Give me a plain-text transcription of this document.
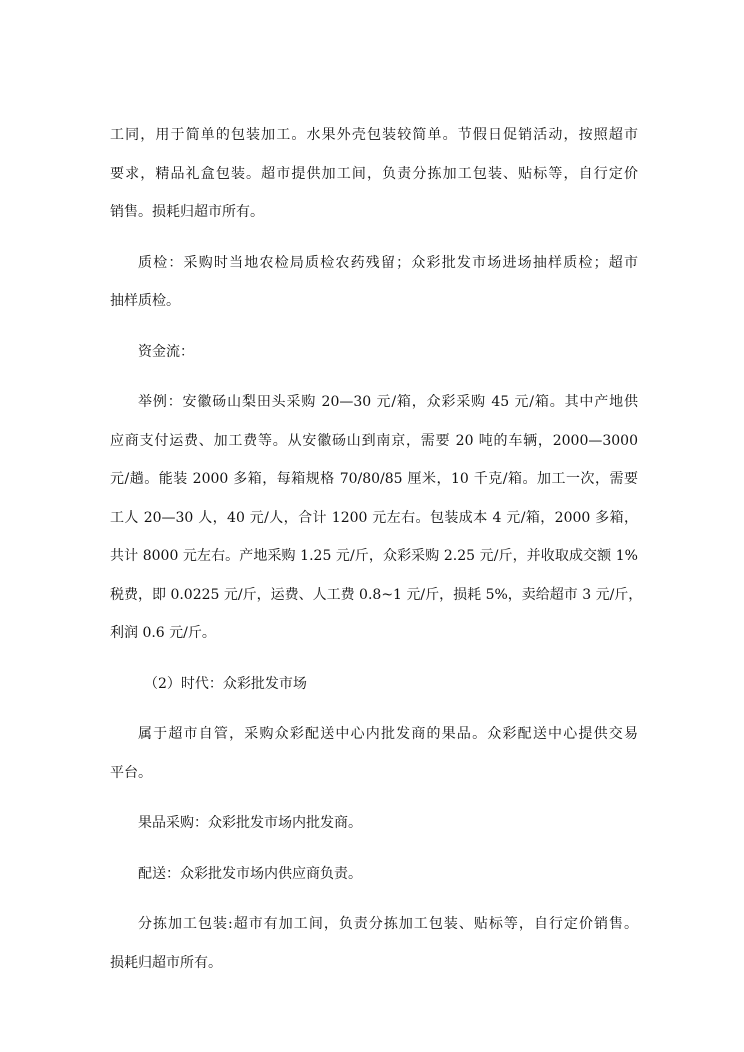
工同，用于简单的包装加工。水果外壳包装较简单。节假日促销活动，按照超市
要求，精品礼盒包装。超市提供加工间，负责分拣加工包装、贴标等，自行定价
销售。损耗归超市所有。
质检：采购时当地农检局质检农药残留；众彩批发市场进场抽样质检；超市
抽样质检。
资金流：
举例：安徽砀山梨田头采购 20—30 元/箱，众彩采购 45 元/箱。其中产地供
应商支付运费、加工费等。从安徽砀山到南京，需要 20 吨的车辆，2000—3000
元/趟。能装 2000 多箱，每箱规格 70/80/85 厘米，10 千克/箱。加工一次，需要
工人 20—30 人，40 元/人，合计 1200 元左右。包装成本 4 元/箱，2000 多箱，
共计 8000 元左右。产地采购 1.25 元/斤，众彩采购 2.25 元/斤，并收取成交额 1%
税费，即 0.0225 元/斤，运费、人工费 0.8~1 元/斤，损耗 5%，卖给超市 3 元/斤，
利润 0.6 元/斤。
（2）时代：众彩批发市场
属于超市自管，采购众彩配送中心内批发商的果品。众彩配送中心提供交易
平台。
果品采购：众彩批发市场内批发商。
配送：众彩批发市场内供应商负责。
分拣加工包装:超市有加工间，负责分拣加工包装、贴标等，自行定价销售。
损耗归超市所有。
